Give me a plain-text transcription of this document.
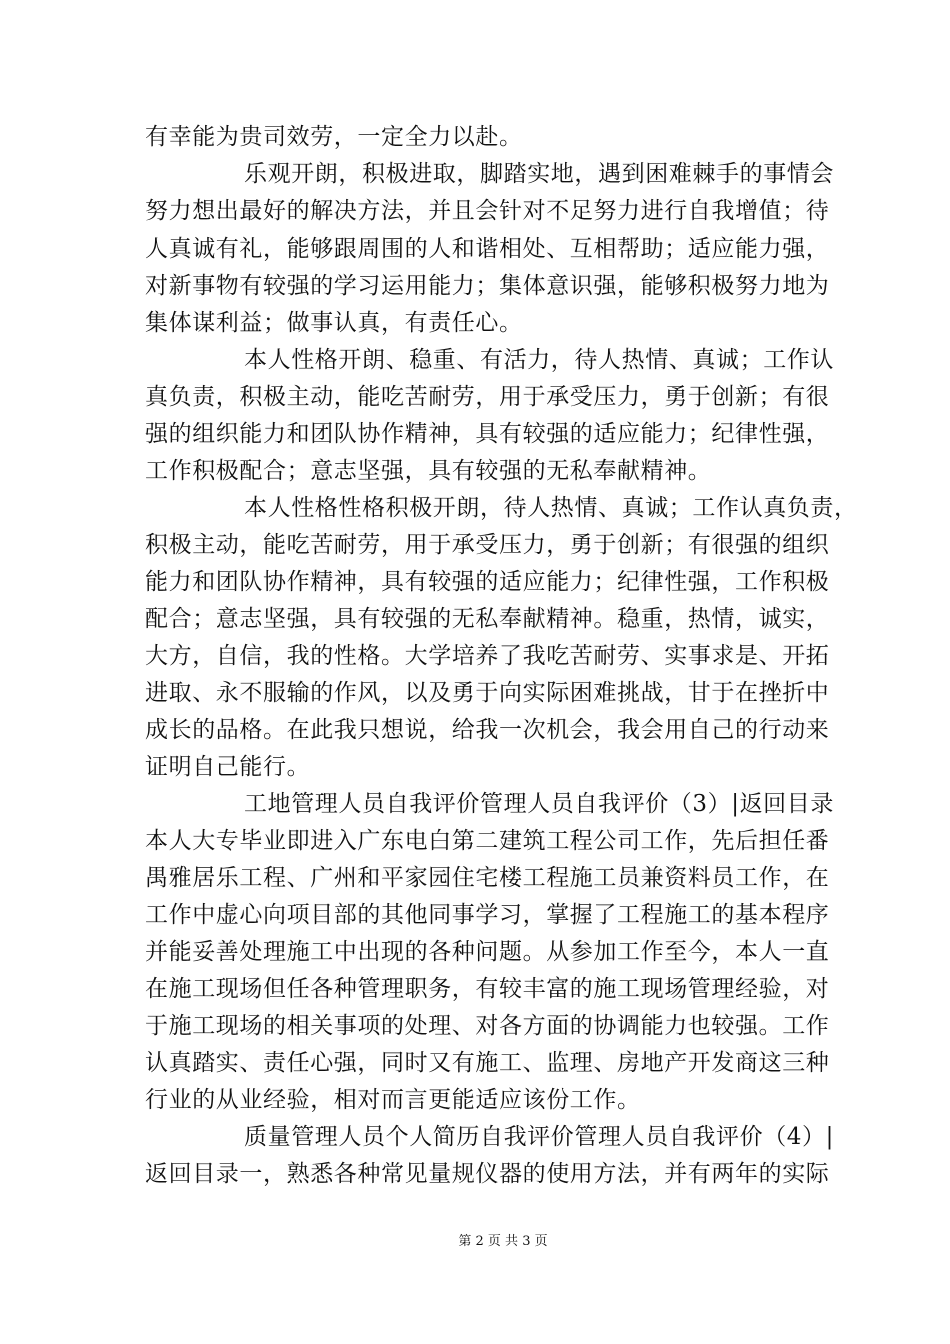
有幸能为贵司效劳，一定全力以赴。
乐观开朗，积极进取，脚踏实地，遇到困难棘手的事情会
努力想出最好的解决方法，并且会针对不足努力进行自我增值；待
人真诚有礼，能够跟周围的人和谐相处、互相帮助；适应能力强，
对新事物有较强的学习运用能力；集体意识强，能够积极努力地为
集体谋利益；做事认真，有责任心。
本人性格开朗、稳重、有活力，待人热情、真诚；工作认
真负责，积极主动，能吃苦耐劳，用于承受压力，勇于创新；有很
强的组织能力和团队协作精神，具有较强的适应能力；纪律性强，
工作积极配合；意志坚强，具有较强的无私奉献精神。
本人性格性格积极开朗，待人热情、真诚；工作认真负责，
积极主动，能吃苦耐劳，用于承受压力，勇于创新；有很强的组织
能力和团队协作精神，具有较强的适应能力；纪律性强，工作积极
配合；意志坚强，具有较强的无私奉献精神。稳重，热情，诚实，
大方，自信，我的性格。大学培养了我吃苦耐劳、实事求是、开拓
进取、永不服输的作风，以及勇于向实际困难挑战，甘于在挫折中
成长的品格。在此我只想说，给我一次机会，我会用自己的行动来
证明自己能行。
工地管理人员自我评价管理人员自我评价（3）|返回目录
本人大专毕业即进入广东电白第二建筑工程公司工作，先后担任番
禺雅居乐工程、广州和平家园住宅楼工程施工员兼资料员工作，在
工作中虚心向项目部的其他同事学习，掌握了工程施工的基本程序
并能妥善处理施工中出现的各种问题。从参加工作至今，本人一直
在施工现场但任各种管理职务，有较丰富的施工现场管理经验，对
于施工现场的相关事项的处理、对各方面的协调能力也较强。工作
认真踏实、责任心强，同时又有施工、监理、房地产开发商这三种
行业的从业经验，相对而言更能适应该份工作。
质量管理人员个人简历自我评价管理人员自我评价（4）|
返回目录一，熟悉各种常见量规仪器的使用方法，并有两年的实际
第 2 页 共 3 页
